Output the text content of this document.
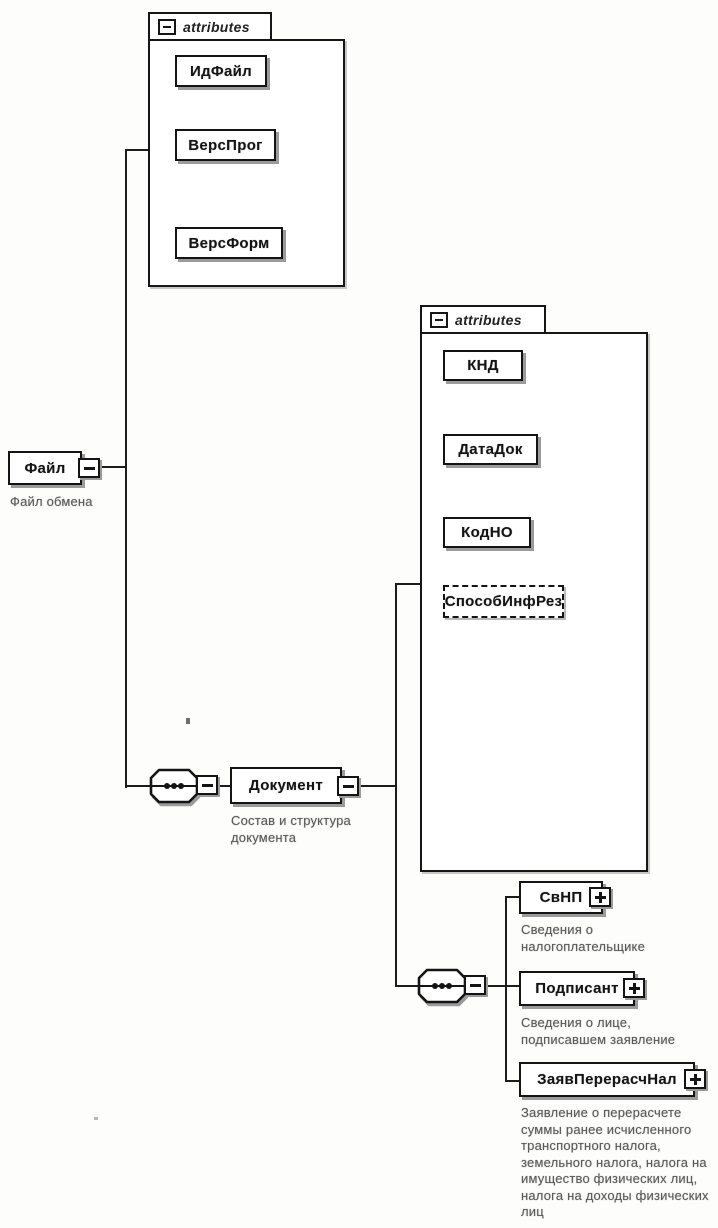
Файл
Файл обмена
attributes
ИдФайл
ВерсПрог
ВерсФорм
Документ
Состав и структура документа
attributes
КНД
ДатаДок
КодНО
СпособИнфРез
СвНП
Сведения о налогоплательщике
Подписант
Сведения о лице, подписавшем заявление
ЗаявПерерасчНал
Заявление о перерасчете суммы ранее исчисленного транспортного налога, земельного налога, налога на имущество физических лиц, налога на доходы физических лиц
